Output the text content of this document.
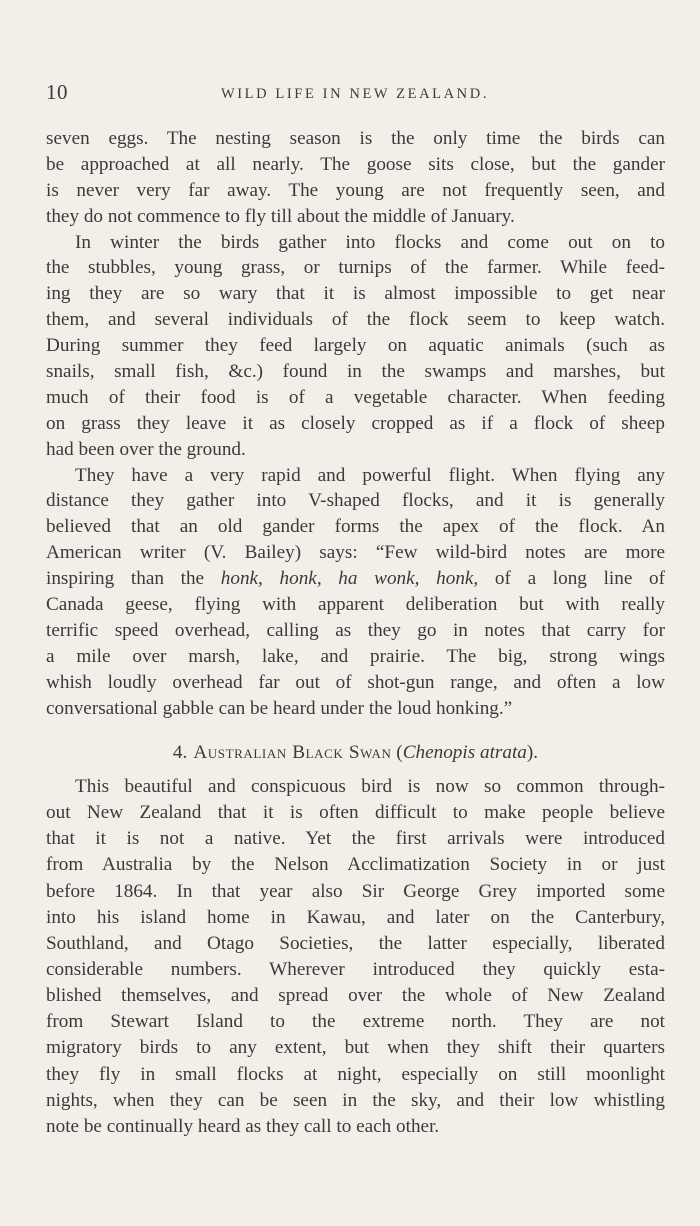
10	WILD LIFE IN NEW ZEALAND.
seven eggs. The nesting season is the only time the birds can
be approached at all nearly. The goose sits close, but the gander
is never very far away. The young are not frequently seen, and
they do not commence to fly till about the middle of January.
In winter the birds gather into flocks and come out on to
the stubbles, young grass, or turnips of the farmer. While feed-
ing they are so wary that it is almost impossible to get near
them, and several individuals of the flock seem to keep watch.
During summer they feed largely on aquatic animals (such as
snails, small fish, &c.) found in the swamps and marshes, but
much of their food is of a vegetable character. When feeding
on grass they leave it as closely cropped as if a flock of sheep
had been over the ground.
They have a very rapid and powerful flight. When flying any
distance they gather into V-shaped flocks, and it is generally
believed that an old gander forms the apex of the flock. An
American writer (V. Bailey) says: “Few wild-bird notes are more
inspiring than the honk, honk, ha wonk, honk, of a long line of
Canada geese, flying with apparent deliberation but with really
terrific speed overhead, calling as they go in notes that carry for
a mile over marsh, lake, and prairie. The big, strong wings
whish loudly overhead far out of shot-gun range, and often a low
conversational gabble can be heard under the loud honking.”
4. Australian Black Swan (Chenopis atrata).
This beautiful and conspicuous bird is now so common through-
out New Zealand that it is often difficult to make people believe
that it is not a native. Yet the first arrivals were introduced
from Australia by the Nelson Acclimatization Society in or just
before 1864. In that year also Sir George Grey imported some
into his island home in Kawau, and later on the Canterbury,
Southland, and Otago Societies, the latter especially, liberated
considerable numbers. Wherever introduced they quickly esta-
blished themselves, and spread over the whole of New Zealand
from Stewart Island to the extreme north. They are not
migratory birds to any extent, but when they shift their quarters
they fly in small flocks at night, especially on still moonlight
nights, when they can be seen in the sky, and their low whistling
note be continually heard as they call to each other.
